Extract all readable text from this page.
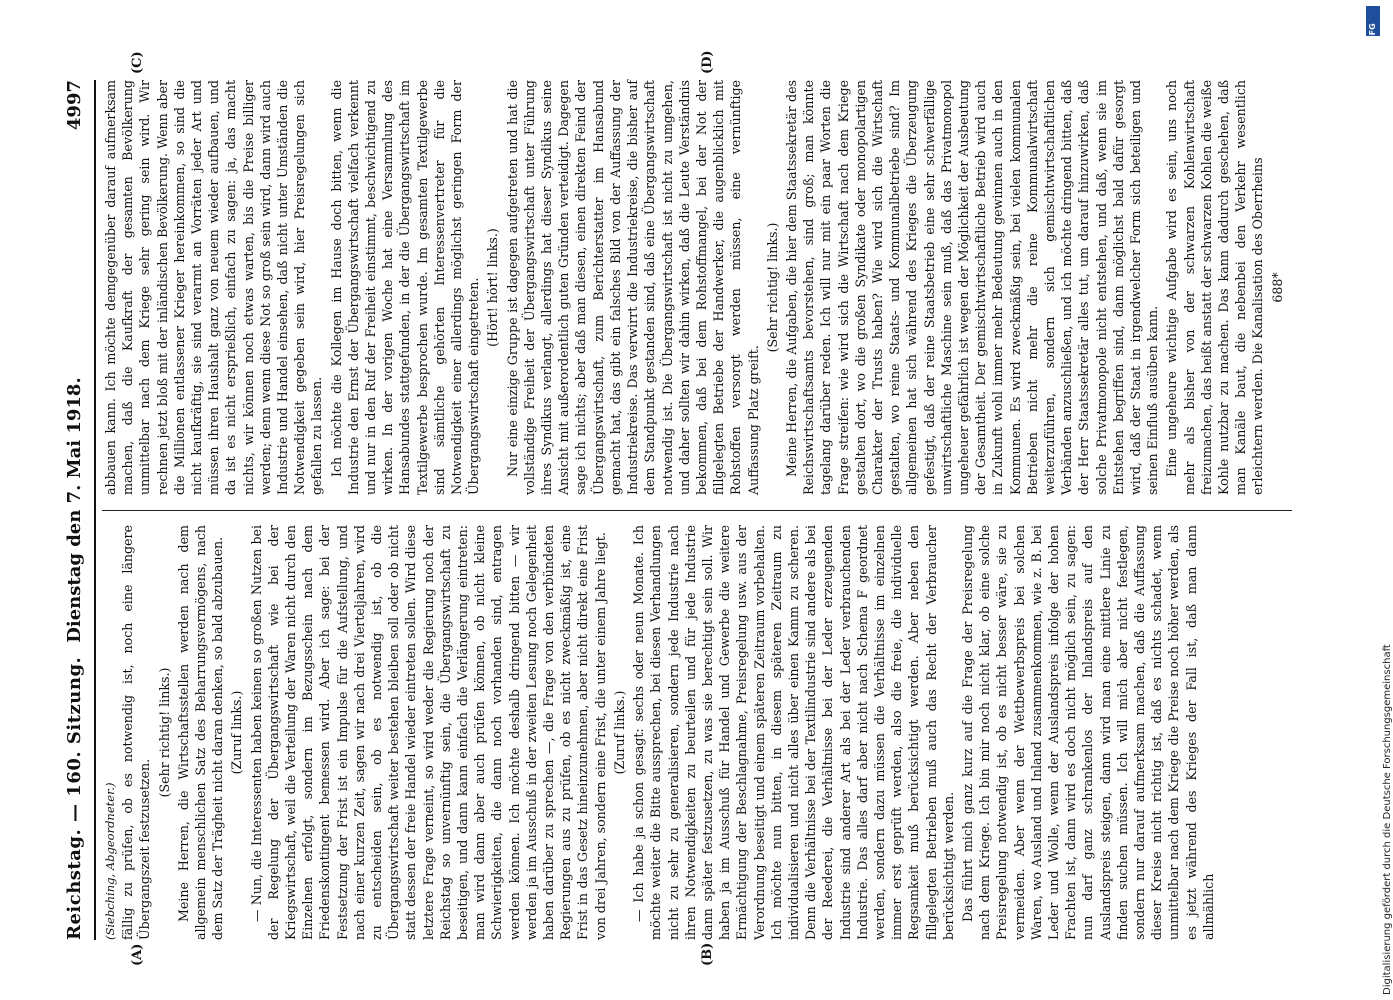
Reichstag. — 160. Sitzung.
Dienstag den 7. Mai 1918.
4997
(Siebching, Abgeordneter.) fällig zu prüfen, ob es notwendig ist, noch eine längere Übergangszeit festzusetzen.

(Sehr richtig! links.) Meine Herren, die Wirtschaftsstellen werden nach dem allgemein menschlichen Satz des Beharrungsvermögens, nach dem Satz der Trägheit nicht daran denken, so bald abzubauen. (Zuruf links.) — Nun, die Interessenten haben keinen so großen Nutzen bei der Regelung der Übergangswirtschaft wie bei der Kriegswirtschaft, weil die Verteilung der Waren nicht durch den Einzelnen erfolgt, sondern im Bezugsschein nach dem Friedenskontingent bemessen wird. Aber ich sage: bei der Festsetzung der Frist ist ein Impulse für die Aufstellung, und nach einer kurzen Zeit, sagen wir nach drei Vierteljahren, wird zu entscheiden sein, ob es notwendig ist, ob die Übergangswirtschaft weiter bestehen bleiben soll oder ob nicht statt dessen der freie Handel wieder eintreten sollen. Wird diese letztere Frage verneint, so wird weder die Regierung noch der Reichstag so unvernünftig sein, die Übergangswirtschaft zu beseitigen, und dann kann einfach die Verlängerung eintreten: man wird dann aber auch prüfen können, ob nicht kleine Schwierigkeiten, die dann noch vorhanden sind, entragen werden können. Ich möchte deshalb dringend bitten — wir werden ja im Ausschuß in der zweiten Lesung noch Gelegenheit haben darüber zu sprechen —, die Frage von den verbündeten Regierungen aus zu prüfen, ob es nicht zweckmäßig ist, eine Frist in das Gesetz hineinzunehmen, aber nicht direkt eine Frist von drei Jahren, sondern eine Frist, die unter einem Jahre liegt. (Zuruf links.) — Ich habe ja schon gesagt: sechs oder neun Monate. Ich möchte weiter die Bitte aussprechen, bei diesen Verhandlungen nicht zu sehr zu generalisieren, sondern jede Industrie nach ihren Notwendigkeiten zu beurteilen und für jede Industrie dann später festzusetzen, zu was sie berechtigt sein soll. Wir haben ja im Ausschuß für Handel und Gewerbe die weitere Ermächtigung der Beschlagnahme, Preisregelung usw. aus der Verordnung beseitigt und einem späteren Zeitraum vorbehalten. Ich möchte nun bitten, in diesem späteren Zeitraum zu individualisieren und nicht alles über einen Kamm zu scheren. Denn die Verhältnisse bei der Textilindustrie sind andere als bei der Reederei, die Verhältnisse bei der Leder erzeugenden Industrie sind anderer Art als bei der Leder verbrauchenden Industrie. Das alles darf aber nicht nach Schema F geordnet werden, sondern dazu müssen die Verhältnisse im einzelnen immer erst geprüft werden, also die freie, die individuelle Regsamkeit muß berücksichtigt werden. Aber neben den fillgelegten Betrieben muß auch das Recht der Verbraucher berücksichtigt werden. Das führt mich ganz kurz auf die Frage der Preisregelung nach dem Kriege. Ich bin mir noch nicht klar, ob eine solche Preisregelung notwendig ist, ob es nicht besser wäre, sie zu vermeiden. Aber wenn der Wettbewerbspreis bei solchen Waren, wo Ausland und Inland zusammenkommen, wie z. B. bei Leder und Wolle, wenn der Auslandspreis infolge der hohen Frachten ist, dann wird es doch nicht möglich sein, zu sagen: nun darf ganz schrankenlos der Inlandspreis auf den Auslandspreis steigen, dann wird man eine mittlere Linie zu finden suchen müssen. Ich will mich aber nicht festlegen, sondern nur darauf aufmerksam machen, daß die Auffassung dieser Kreise nicht richtig ist, daß es nichts schadet, wenn unmittelbar nach dem Kriege die Preise noch höher werden, als es jetzt während des Krieges der Fall ist, daß man dann allmählich

abbauen kann. Ich möchte demgegenüber darauf aufmerksam machen, daß die Kaufkraft der gesamten Bevölkerung unmittelbar nach dem Kriege sehr gering sein wird. Wir rechnen jetzt bloß mit der inländischen Bevölkerung. Wenn aber die Millionen entlassener Krieger hereinkommen, so sind die nicht kaufkräftig, sie sind verarmt an Vorräten jeder Art und müssen ihren Haushalt ganz von neuem wieder aufbauen, und da ist es nicht ersprießlich, einfach zu sagen: ja, das macht nichts, wir können noch etwas warten, bis die Preise billiger werden; denn wenn diese Not so groß sein wird, dann wird auch Industrie und Handel einsehen, daß nicht unter Umständen die Notwendigkeit gegeben sein wird, hier Preisregelungen sich gefallen zu lassen. Ich möchte die Kollegen im Hause doch bitten, wenn die Industrie den Ernst der Übergangswirtschaft vielfach verkennt und nur in den Ruf der Freiheit einstimmt, beschwichtigend zu wirken. In der vorigen Woche hat eine Versammlung des Hansabundes stattgefunden, in der die Übergangswirtschaft im Textilgewerbe besprochen wurde. Im gesamten Textilgewerbe sind sämtliche gehörten Interessenvertreter für die Notwendigkeit einer allerdings möglichst geringen Form der Übergangswirtschaft eingetreten. (Hört! hört! links.) Nur eine einzige Gruppe ist dagegen aufgetreten und hat die vollständige Freiheit der Übergangswirtschaft unter Führung ihres Syndikus verlangt, allerdings hat dieser Syndikus seine Ansicht mit außerordentlich guten Gründen verteidigt. Dagegen sage ich nichts; aber daß man diesen, einen direkten Feind der Übergangswirtschaft, zum Berichterstatter im Hansabund gemacht hat, das gibt ein falsches Bild von der Auffassung der Industriekreise. Das verwirrt die Industriekreise, die bisher auf dem Standpunkt gestanden sind, daß eine Übergangswirtschaft notwendig ist. Die Übergangswirtschaft ist nicht zu umgehen, und daher sollten wir dahin wirken, daß die Leute Verständnis bekommen, daß bei dem Rohstoffmangel, bei der Not der fillgelegten Betriebe der Handwerker, die augenblicklich mit Rohstoffen versorgt werden müssen, eine vernünftige Auffassung Platz greift.

(Sehr richtig! links.) Meine Herren, die Aufgaben, die hier dem Staatssekretär des Reichswirtschaftsamts bevorstehen, sind groß; man könnte tagelang darüber reden. Ich will nur mit ein paar Worten die Frage streifen: wie wird sich die Wirtschaft nach dem Kriege gestalten dort, wo die großen Syndikate oder monopolartigen Charakter der Trusts haben? Wie wird sich die Wirtschaft gestalten, wo reine Staats- und Kommunalbetriebe sind? Im allgemeinen hat sich während des Krieges die Überzeugung gefestigt, daß der reine Staatsbetrieb eine sehr schwerfällige unwirtschaftliche Maschine sein muß, daß das Privatmonopol ungeheuer gefährlich ist wegen der Möglichkeit der Ausbeutung der Gesamtheit. Der gemischtwirtschaftliche Betrieb wird auch in Zukunft wohl immer mehr Bedeutung gewinnen auch in den Kommunen. Es wird zweckmäßig sein, bei vielen kommunalen Betrieben nicht mehr die reine Kommunalwirtschaft weiterzuführen, sondern sich gemischtwirtschaftlichen Verbänden anzuschließen, und ich möchte dringend bitten, daß der Herr Staatssekretär alles tut, um darauf hinzuwirken, daß solche Privatmonopole nicht entstehen, und daß, wenn sie im Entstehen begriffen sind, dann möglichst bald dafür gesorgt wird, daß der Staat in irgendwelcher Form sich beteiligen und seinen Einfluß ausüben kann. Eine ungeheure wichtige Aufgabe wird es sein, uns noch mehr als bisher von der schwarzen Kohlenwirtschaft freizumachen, das heißt anstatt der schwarzen Kohlen die weiße Kohle nutzbar zu machen. Das kann dadurch geschehen, daß man Kanäle baut, die nebenbei den Verkehr wesentlich erleichtern werden. Die Kanalisation des Oberrheins 688*

(A)	(B)
(C)	(D)
DFG
Digitalisierung gefördert durch die Deutsche Forschungsgemeinschaft
